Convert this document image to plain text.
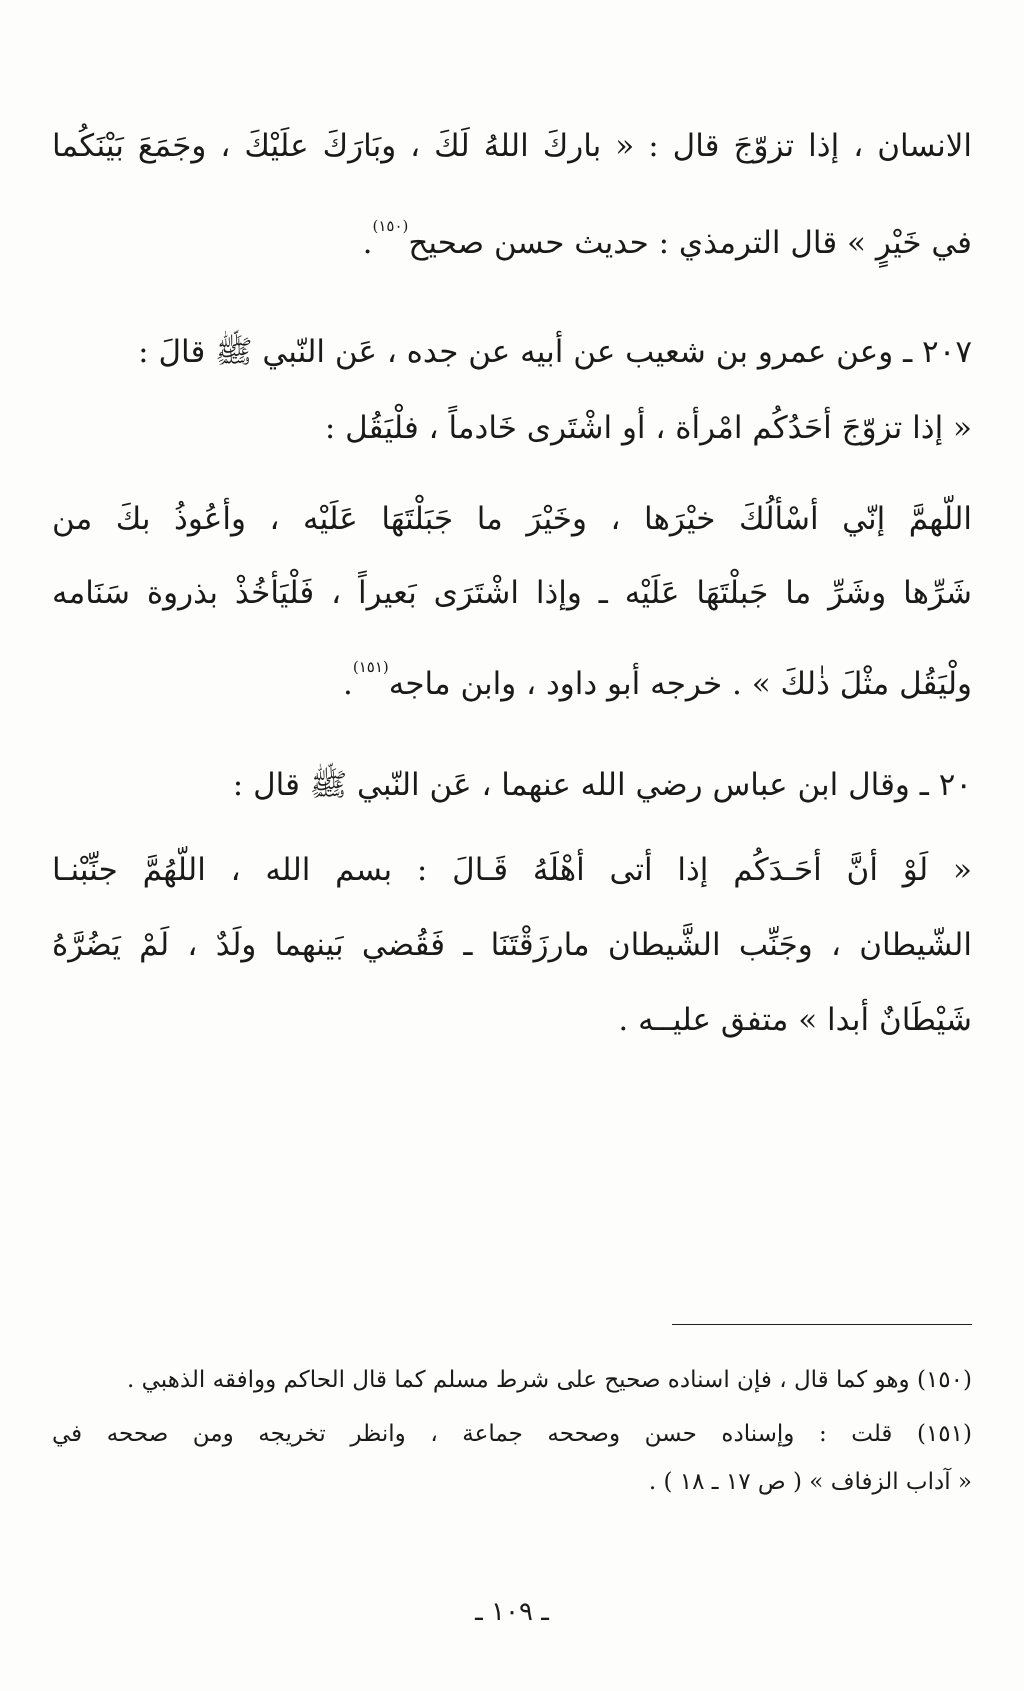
الانسان ، إذا تزوّجَ قال : « باركَ اللهُ لَكَ ، وبَارَكَ علَيْكَ ، وجَمَعَ بَيْنَكُما
في خَيْرٍ » قال الترمذي : حديث حسن صحيح$^{(١٥٠)}$.
٢٠٧ ـ وعن عمرو بن شعيب عن أبيه عن جده ، عَن النّبي ﷺ قالَ :
« إذا تزوّجَ أحَدُكُم امْرأة ، أو اشْتَرى خَادماً ، فلْيَقُل :
اللّهمَّ إنّي أسْألُكَ خيْرَها ، وخَيْرَ ما جَبَلْتَهَا عَلَيْه ، وأعُوذُ بكَ من
شَرِّها وشَرِّ ما جَبلْتَهَا عَلَيْه ـ وإذا اشْتَرَى بَعيراً ، فَلْيَأخُذْ بذروة سَنَامه
ولْيَقُل مثْلَ ذٰلكَ » . خرجه أبو داود ، وابن ماجه$^{(١٥١)}$.
٢٠ ـ وقال ابن عباس رضي الله عنهما ، عَن النّبي ﷺ قال :
« لَوْ أنَّ أحَـدَكُم إذا أتى أهْلَهُ قَـالَ : بسم الله ، اللّهُمَّ جنِّبْنـا
الشّيطان ، وجَنِّب الشَّيطان مارزَقْتَنَا ـ فَقُضي بَينهما ولَدٌ ، لَمْ يَضُرَّهُ
شَيْطَانٌ أبدا » متفق عليــه .
(١٥٠) وهو كما قال ، فإن اسناده صحيح على شرط مسلم كما قال الحاكم ووافقه الذهبي .
(١٥١) قلت : وإسناده حسن وصححه جماعة ، وانظر تخريجه ومن صححه في
« آداب الزفاف » ( ص ١٧ ـ ١٨ ) .
ـ ١٠٩ ـ
